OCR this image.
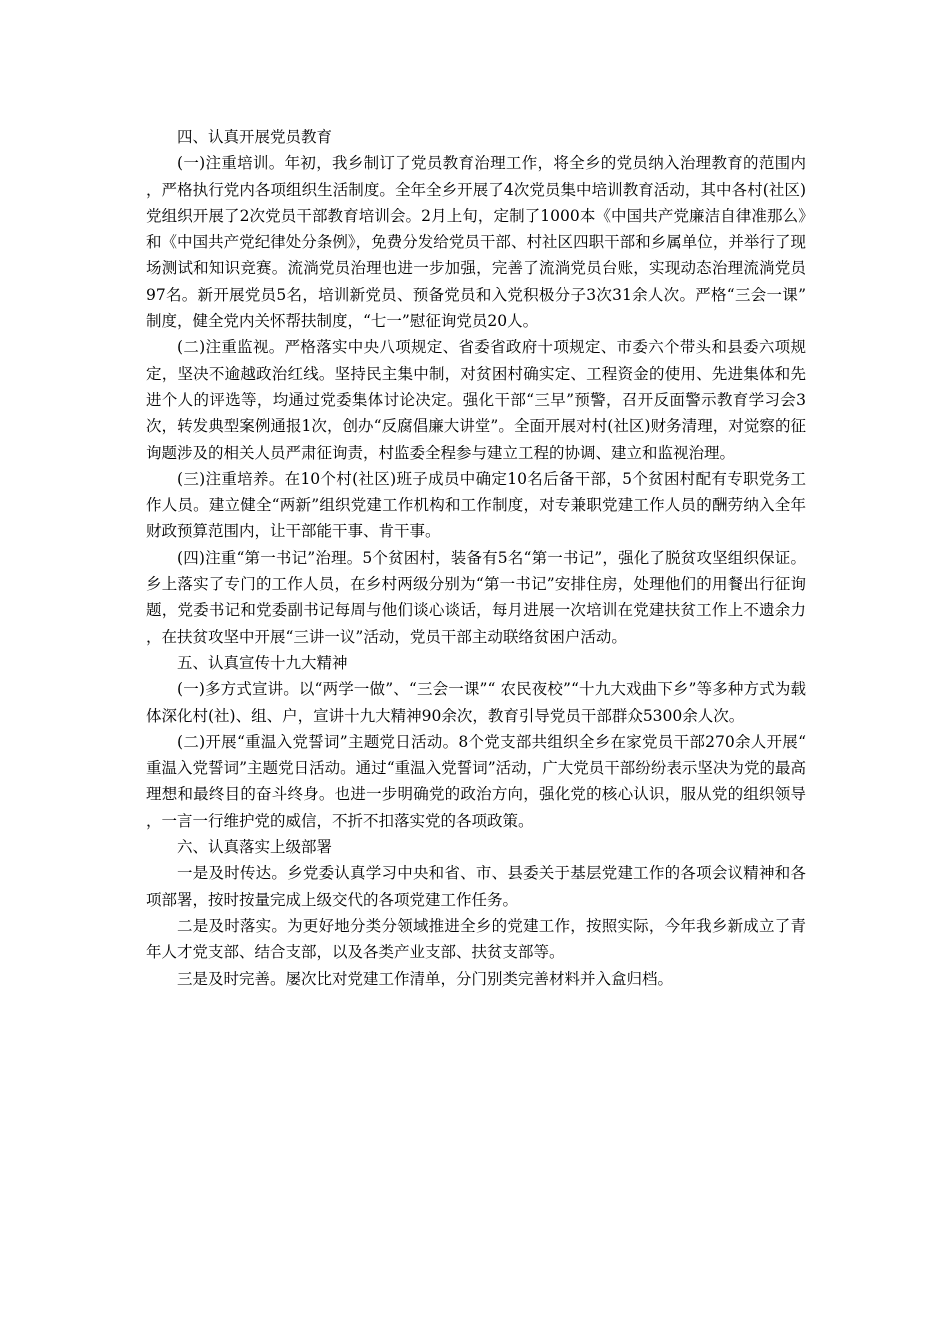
四、认真开展党员教育

(一)注重培训。年初，我乡制订了党员教育治理工作，将全乡的党员纳入治理教育的范围内，严格执行党内各项组织生活制度。全年全乡开展了4次党员集中培训教育活动，其中各村(社区)党组织开展了2次党员干部教育培训会。2月上旬，定制了1000本《中国共产党廉洁自律准那么》和《中国共产党纪律处分条例》，免费分发给党员干部、村社区四职干部和乡属单位，并举行了现场测试和知识竞赛。流淌党员治理也进一步加强，完善了流淌党员台账，实现动态治理流淌党员97名。新开展党员5名，培训新党员、预备党员和入党积极分子3次31余人次。严格“三会一课”制度，健全党内关怀帮扶制度，“七一”慰征询党员20人。

(二)注重监视。严格落实中央八项规定、省委省政府十项规定、市委六个带头和县委六项规定，坚决不逾越政治红线。坚持民主集中制，对贫困村确实定、工程资金的使用、先进集体和先进个人的评选等，均通过党委集体讨论决定。强化干部“三早”预警，召开反面警示教育学习会3次，转发典型案例通报1次，创办“反腐倡廉大讲堂”。全面开展对村(社区)财务清理，对觉察的征询题涉及的相关人员严肃征询责，村监委全程参与建立工程的协调、建立和监视治理。

(三)注重培养。在10个村(社区)班子成员中确定10名后备干部，5个贫困村配有专职党务工作人员。建立健全“两新”组织党建工作机构和工作制度，对专兼职党建工作人员的酬劳纳入全年财政预算范围内，让干部能干事、肯干事。

(四)注重“第一书记”治理。5个贫困村，装备有5名“第一书记”，强化了脱贫攻坚组织保证。乡上落实了专门的工作人员，在乡村两级分别为“第一书记”安排住房，处理他们的用餐出行征询题，党委书记和党委副书记每周与他们谈心谈话，每月进展一次培训在党建扶贫工作上不遗余力，在扶贫攻坚中开展“三讲一议”活动，党员干部主动联络贫困户活动。

五、认真宣传十九大精神

(一)多方式宣讲。以“两学一做”、“三会一课”“ 农民夜校”“十九大戏曲下乡”等多种方式为载体深化村(社)、组、户，宣讲十九大精神90余次，教育引导党员干部群众5300余人次。

(二)开展“重温入党誓词”主题党日活动。8个党支部共组织全乡在家党员干部270余人开展“重温入党誓词”主题党日活动。通过“重温入党誓词”活动，广大党员干部纷纷表示坚决为党的最高理想和最终目的奋斗终身。也进一步明确党的政治方向，强化党的核心认识，服从党的组织领导，一言一行维护党的威信，不折不扣落实党的各项政策。

六、认真落实上级部署

一是及时传达。乡党委认真学习中央和省、市、县委关于基层党建工作的各项会议精神和各项部署，按时按量完成上级交代的各项党建工作任务。

二是及时落实。为更好地分类分领域推进全乡的党建工作，按照实际，今年我乡新成立了青年人才党支部、结合支部，以及各类产业支部、扶贫支部等。

三是及时完善。屡次比对党建工作清单，分门别类完善材料并入盒归档。
